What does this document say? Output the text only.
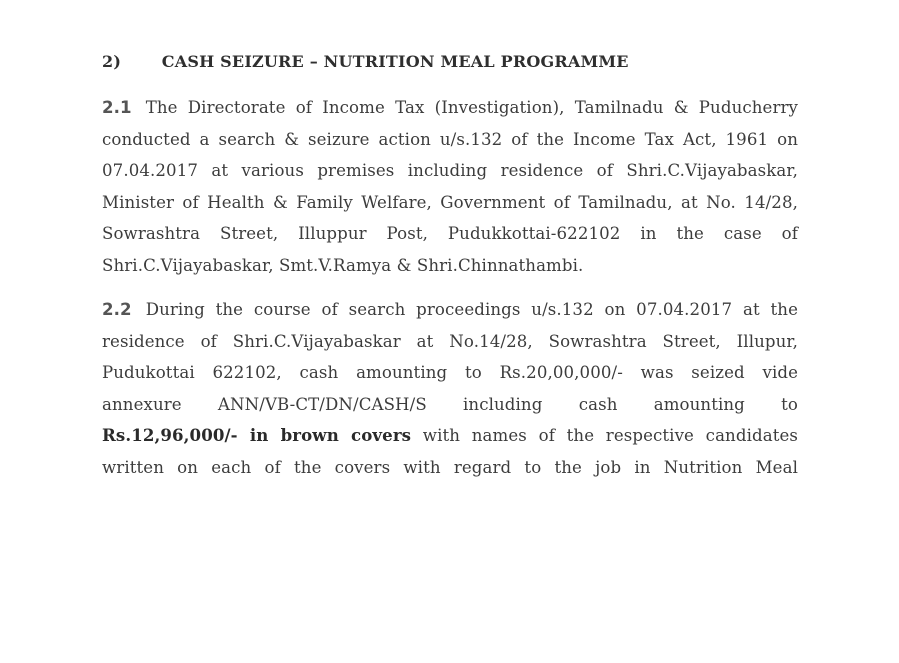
2)	CASH SEIZURE – NUTRITION MEAL PROGRAMME
2.1 The Directorate of Income Tax (Investigation), Tamilnadu & Puducherry
conducted a search & seizure action u/s.132 of the Income Tax Act, 1961 on
07.04.2017 at various premises including residence of Shri.C.Vijayabaskar,
Minister of Health & Family Welfare, Government of Tamilnadu, at No. 14/28,
Sowrashtra Street, Illuppur Post, Pudukkottai-622102 in the case of
Shri.C.Vijayabaskar, Smt.V.Ramya & Shri.Chinnathambi.
2.2 During the course of search proceedings u/s.132 on 07.04.2017 at the
residence of Shri.C.Vijayabaskar at No.14/28, Sowrashtra Street, Illupur,
Pudukottai 622102, cash amounting to Rs.20,00,000/- was seized vide
annexure ANN/VB-CT/DN/CASH/S including cash amounting to
Rs.12,96,000/- in brown covers with names of the respective candidates
written on each of the covers with regard to the job in Nutrition Meal
